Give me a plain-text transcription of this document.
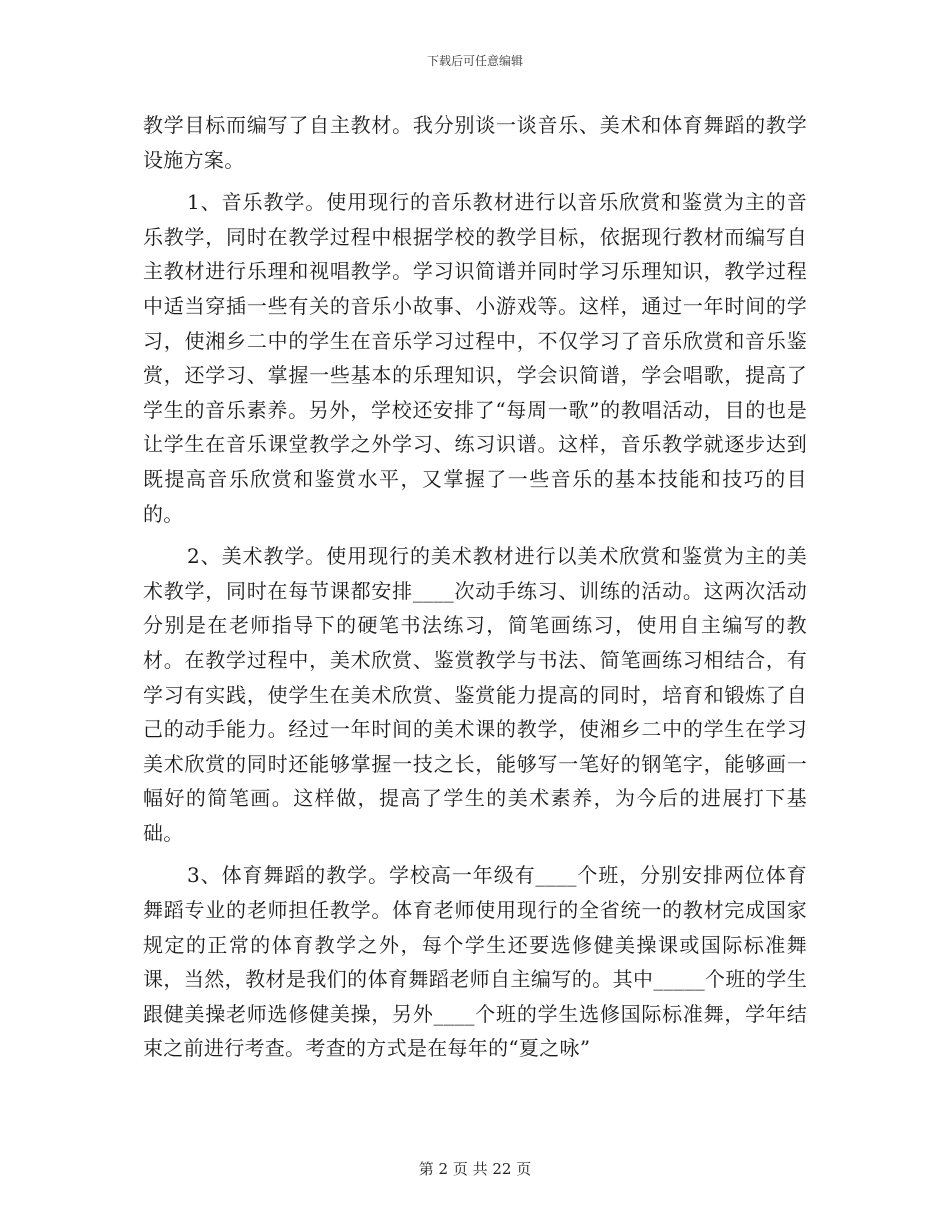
下载后可任意编辑

教学目标而编写了自主教材。我分别谈一谈音乐、美术和体育舞蹈的教学设施方案。

1、音乐教学。使用现行的音乐教材进行以音乐欣赏和鉴赏为主的音乐教学，同时在教学过程中根据学校的教学目标，依据现行教材而编写自主教材进行乐理和视唱教学。学习识简谱并同时学习乐理知识，教学过程中适当穿插一些有关的音乐小故事、小游戏等。这样，通过一年时间的学习，使湘乡二中的学生在音乐学习过程中，不仅学习了音乐欣赏和音乐鉴赏，还学习、掌握一些基本的乐理知识，学会识简谱，学会唱歌，提高了学生的音乐素养。另外，学校还安排了“每周一歌”的教唱活动，目的也是让学生在音乐课堂教学之外学习、练习识谱。这样，音乐教学就逐步达到既提高音乐欣赏和鉴赏水平，又掌握了一些音乐的基本技能和技巧的目的。

2、美术教学。使用现行的美术教材进行以美术欣赏和鉴赏为主的美术教学，同时在每节课都安排____次动手练习、训练的活动。这两次活动分别是在老师指导下的硬笔书法练习，简笔画练习，使用自主编写的教材。在教学过程中，美术欣赏、鉴赏教学与书法、简笔画练习相结合，有学习有实践，使学生在美术欣赏、鉴赏能力提高的同时，培育和锻炼了自己的动手能力。经过一年时间的美术课的教学，使湘乡二中的学生在学习美术欣赏的同时还能够掌握一技之长，能够写一笔好的钢笔字，能够画一幅好的简笔画。这样做，提高了学生的美术素养，为今后的进展打下基础。

3、体育舞蹈的教学。学校高一年级有____个班，分别安排两位体育舞蹈专业的老师担任教学。体育老师使用现行的全省统一的教材完成国家规定的正常的体育教学之外，每个学生还要选修健美操课或国际标准舞课，当然，教材是我们的体育舞蹈老师自主编写的。其中_____个班的学生跟健美操老师选修健美操，另外____个班的学生选修国际标准舞，学年结束之前进行考查。考查的方式是在每年的“夏之咏”

第 2 页 共 22 页
